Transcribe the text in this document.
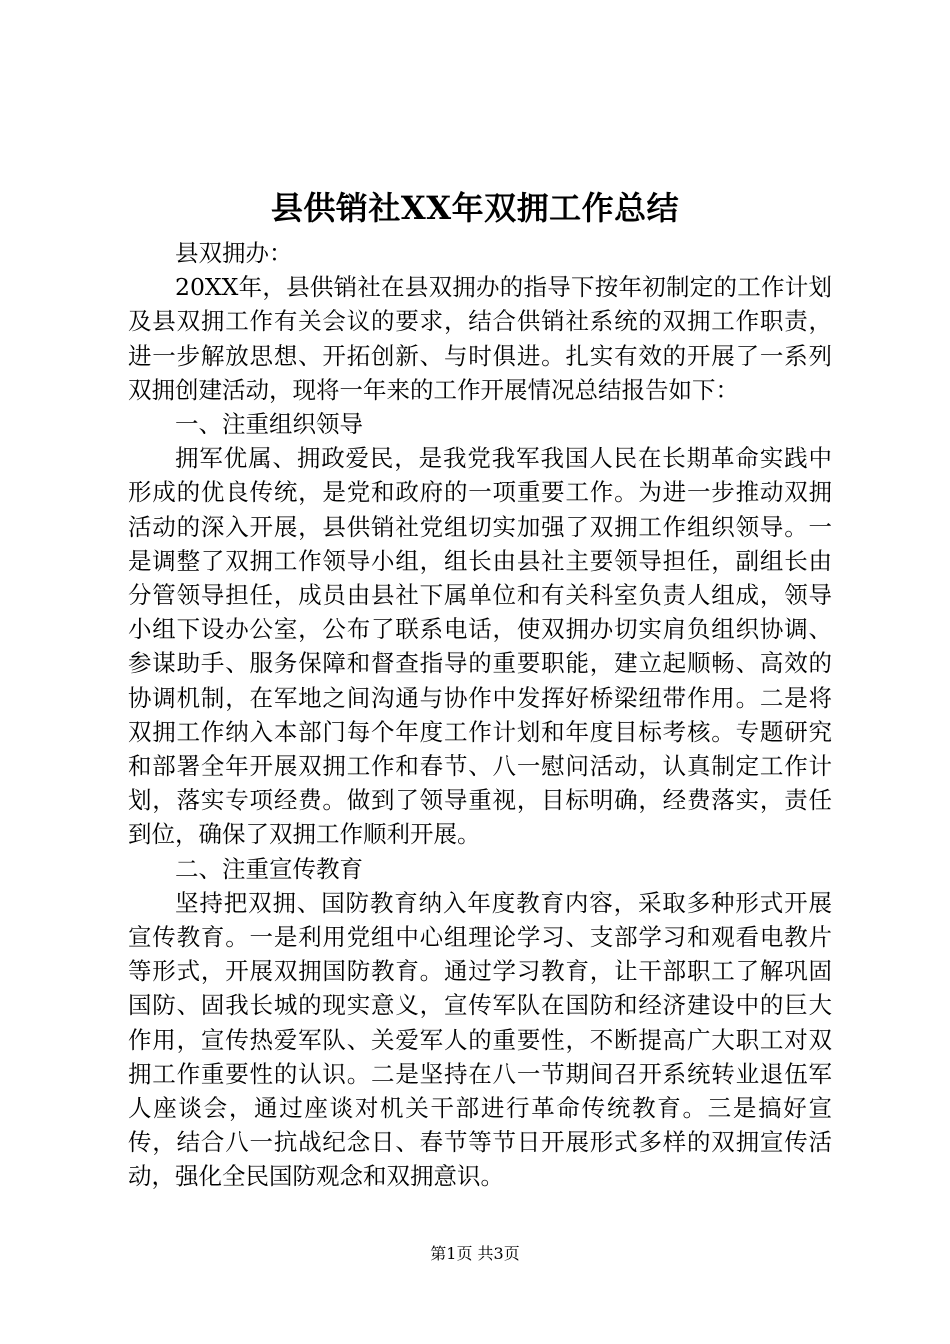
县供销社XX年双拥工作总结

县双拥办：

20XX年，县供销社在县双拥办的指导下按年初制定的工作计划及县双拥工作有关会议的要求，结合供销社系统的双拥工作职责，进一步解放思想、开拓创新、与时俱进。扎实有效的开展了一系列双拥创建活动，现将一年来的工作开展情况总结报告如下：

一、注重组织领导

拥军优属、拥政爱民，是我党我军我国人民在长期革命实践中形成的优良传统，是党和政府的一项重要工作。为进一步推动双拥活动的深入开展，县供销社党组切实加强了双拥工作组织领导。一是调整了双拥工作领导小组，组长由县社主要领导担任，副组长由分管领导担任，成员由县社下属单位和有关科室负责人组成，领导小组下设办公室，公布了联系电话，使双拥办切实肩负组织协调、参谋助手、服务保障和督查指导的重要职能，建立起顺畅、高效的协调机制，在军地之间沟通与协作中发挥好桥梁纽带作用。二是将双拥工作纳入本部门每个年度工作计划和年度目标考核。专题研究和部署全年开展双拥工作和春节、八一慰问活动，认真制定工作计划，落实专项经费。做到了领导重视，目标明确，经费落实，责任到位，确保了双拥工作顺利开展。

二、注重宣传教育

坚持把双拥、国防教育纳入年度教育内容，采取多种形式开展宣传教育。一是利用党组中心组理论学习、支部学习和观看电教片等形式，开展双拥国防教育。通过学习教育，让干部职工了解巩固国防、固我长城的现实意义，宣传军队在国防和经济建设中的巨大作用，宣传热爱军队、关爱军人的重要性，不断提高广大职工对双拥工作重要性的认识。二是坚持在八一节期间召开系统转业退伍军人座谈会，通过座谈对机关干部进行革命传统教育。三是搞好宣传，结合八一抗战纪念日、春节等节日开展形式多样的双拥宣传活动，强化全民国防观念和双拥意识。

第1页 共3页
